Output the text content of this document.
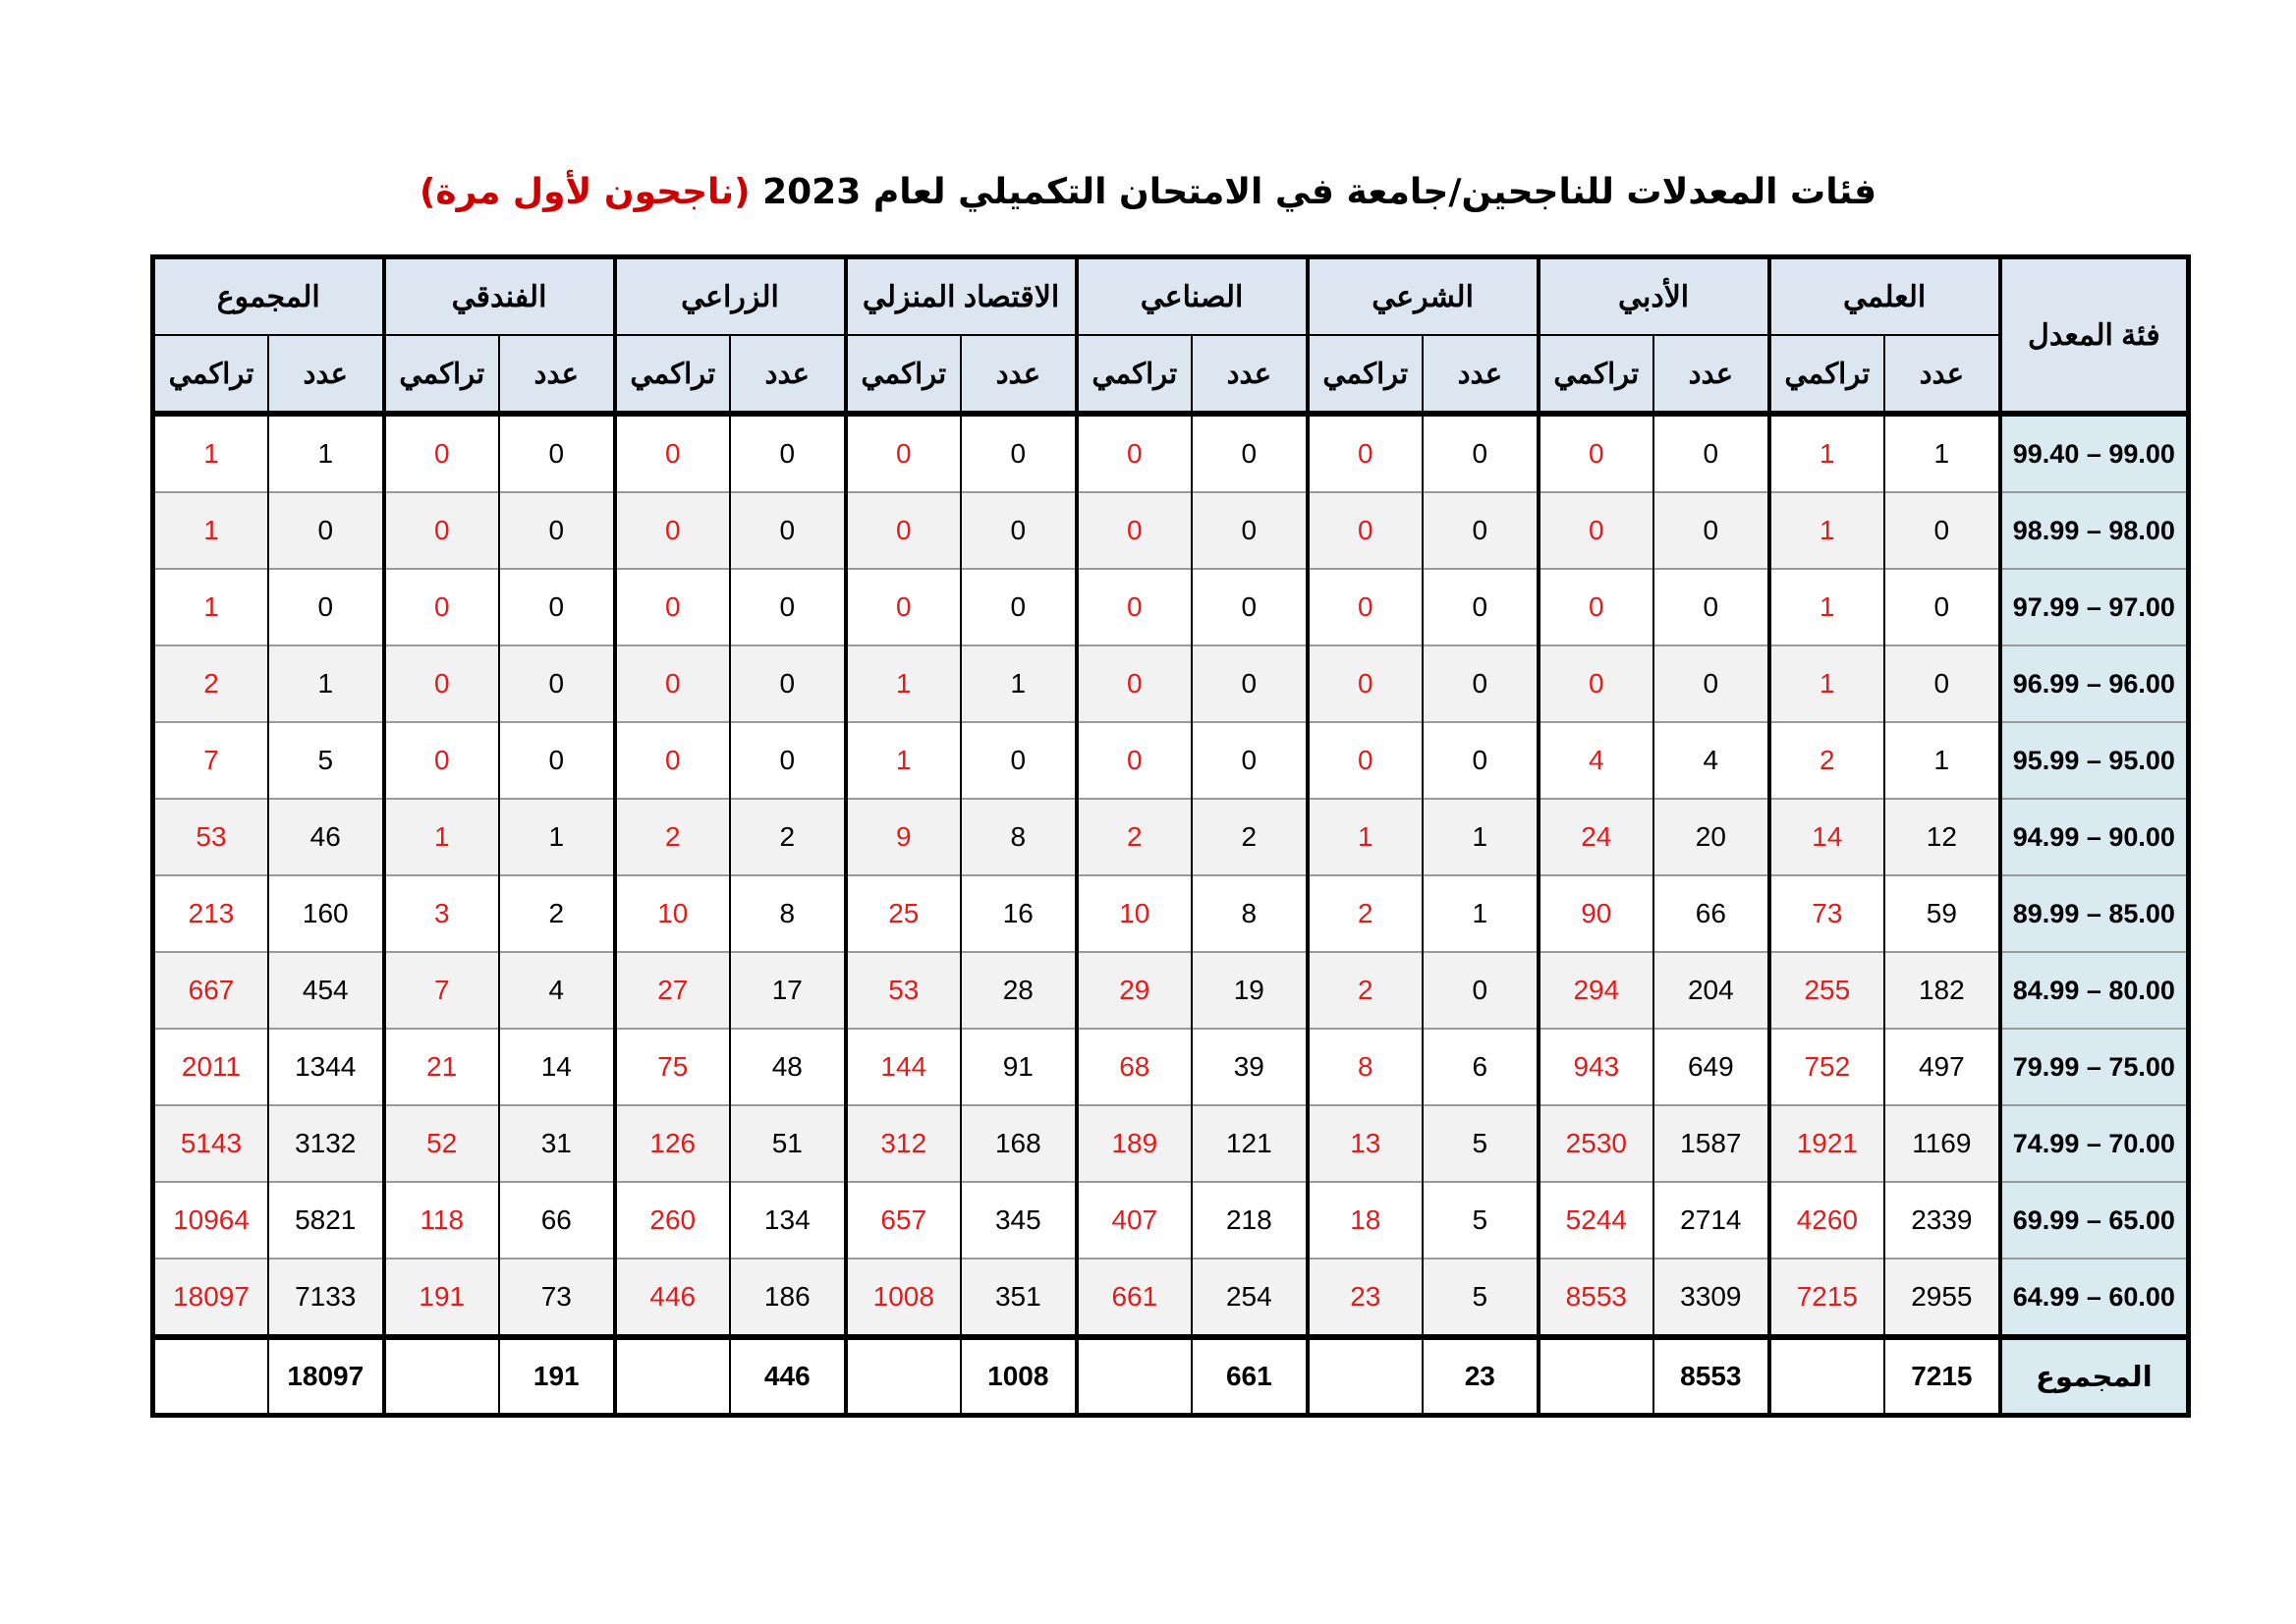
فئات المعدلات للناجحين/جامعة في الامتحان التكميلي لعام 2023 (ناجحون لأول مرة)
فئة المعدل	العلمي		الأدبي		الشرعي		الصناعي		الاقتصاد المنزلي		الزراعي		الفندقي		المجموع	
	عدد	تراكمي	عدد	تراكمي	عدد	تراكمي	عدد	تراكمي	عدد	تراكمي	عدد	تراكمي	عدد	تراكمي	عدد	تراكمي
99.40 – 99.00	1	1	0	0	0	0	0	0	0	0	0	0	0	0	1	1
98.99 – 98.00	0	1	0	0	0	0	0	0	0	0	0	0	0	0	0	1
97.99 – 97.00	0	1	0	0	0	0	0	0	0	0	0	0	0	0	0	1
96.99 – 96.00	0	1	0	0	0	0	0	0	1	1	0	0	0	0	1	2
95.99 – 95.00	1	2	4	4	0	0	0	0	0	1	0	0	0	0	5	7
94.99 – 90.00	12	14	20	24	1	1	2	2	8	9	2	2	1	1	46	53
89.99 – 85.00	59	73	66	90	1	2	8	10	16	25	8	10	2	3	160	213
84.99 – 80.00	182	255	204	294	0	2	19	29	28	53	17	27	4	7	454	667
79.99 – 75.00	497	752	649	943	6	8	39	68	91	144	48	75	14	21	1344	2011
74.99 – 70.00	1169	1921	1587	2530	5	13	121	189	168	312	51	126	31	52	3132	5143
69.99 – 65.00	2339	4260	2714	5244	5	18	218	407	345	657	134	260	66	118	5821	10964
64.99 – 60.00	2955	7215	3309	8553	5	23	254	661	351	1008	186	446	73	191	7133	18097
المجموع	7215		8553		23		661		1008		446		191		18097	
